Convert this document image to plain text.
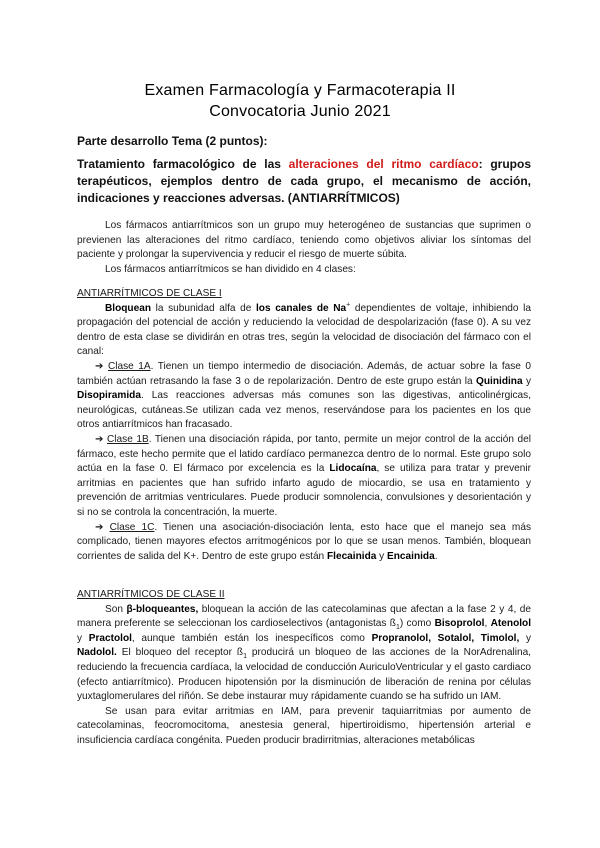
Examen Farmacología y Farmacoterapia II
Convocatoria Junio 2021
Parte desarrollo Tema (2 puntos):
Tratamiento farmacológico de las alteraciones del ritmo cardíaco: grupos terapéuticos, ejemplos dentro de cada grupo, el mecanismo de acción, indicaciones y reacciones adversas. (ANTIARRÍTMICOS)

Los fármacos antiarrítmicos son un grupo muy heterogéneo de sustancias que suprimen o previenen las alteraciones del ritmo cardíaco, teniendo como objetivos aliviar los síntomas del paciente y prolongar la supervivencia y reducir el riesgo de muerte súbita.

Los fármacos antiarrítmicos se han dividido en 4 clases:

ANTIARRÍTMICOS DE CLASE I

Bloquean la subunidad alfa de los canales de Na+ dependientes de voltaje, inhibiendo la propagación del potencial de acción y reduciendo la velocidad de despolarización (fase 0). A su vez dentro de esta clase se dividirán en otras tres, según la velocidad de disociación del fármaco con el canal:

➔ Clase 1A. Tienen un tiempo intermedio de disociación. Además, de actuar sobre la fase 0 también actúan retrasando la fase 3 o de repolarización. Dentro de este grupo están la Quinidina y Disopiramida. Las reacciones adversas más comunes son las digestivas, anticolinérgicas, neurológicas, cutáneas.Se utilizan cada vez menos, reservándose para los pacientes en los que otros antiarrítmicos han fracasado.

➔ Clase 1B. Tienen una disociación rápida, por tanto, permite un mejor control de la acción del fármaco, este hecho permite que el latido cardíaco permanezca dentro de lo normal. Este grupo solo actúa en la fase 0. El fármaco por excelencia es la Lidocaína, se utiliza para tratar y prevenir arritmias en pacientes que han sufrido infarto agudo de miocardio, se usa en tratamiento y prevención de arritmias ventriculares. Puede producir somnolencia, convulsiones y desorientación y si no se controla la concentración, la muerte.

➔ Clase 1C. Tienen una asociación-disociación lenta, esto hace que el manejo sea más complicado, tienen mayores efectos arritmogénicos por lo que se usan menos. También, bloquean corrientes de salida del K+. Dentro de este grupo están Flecainida y Encainida.

ANTIARRÍTMICOS DE CLASE II

Son β-bloqueantes, bloquean la acción de las catecolaminas que afectan a la fase 2 y 4, de manera preferente se seleccionan los cardioselectivos (antagonistas $ß_1$) como Bisoprolol, Atenolol y Practolol, aunque también están los inespecíficos como Propranolol, Sotalol, Timolol, y Nadolol. El bloqueo del receptor $ß_1$ producirá un bloqueo de las acciones de la NorAdrenalina, reduciendo la frecuencia cardíaca, la velocidad de conducción AuriculoVentricular y el gasto cardiaco (efecto antiarrítmico). Producen hipotensión por la disminución de liberación de renina por células yuxtaglomerulares del riñón. Se debe instaurar muy rápidamente cuando se ha sufrido un IAM.

Se usan para evitar arritmias en IAM, para prevenir taquiarritmias por aumento de catecolaminas, feocromocitoma, anestesia general, hipertiroidismo, hipertensión arterial e insuficiencia cardíaca congénita. Pueden producir bradirritmias, alteraciones metabólicas
